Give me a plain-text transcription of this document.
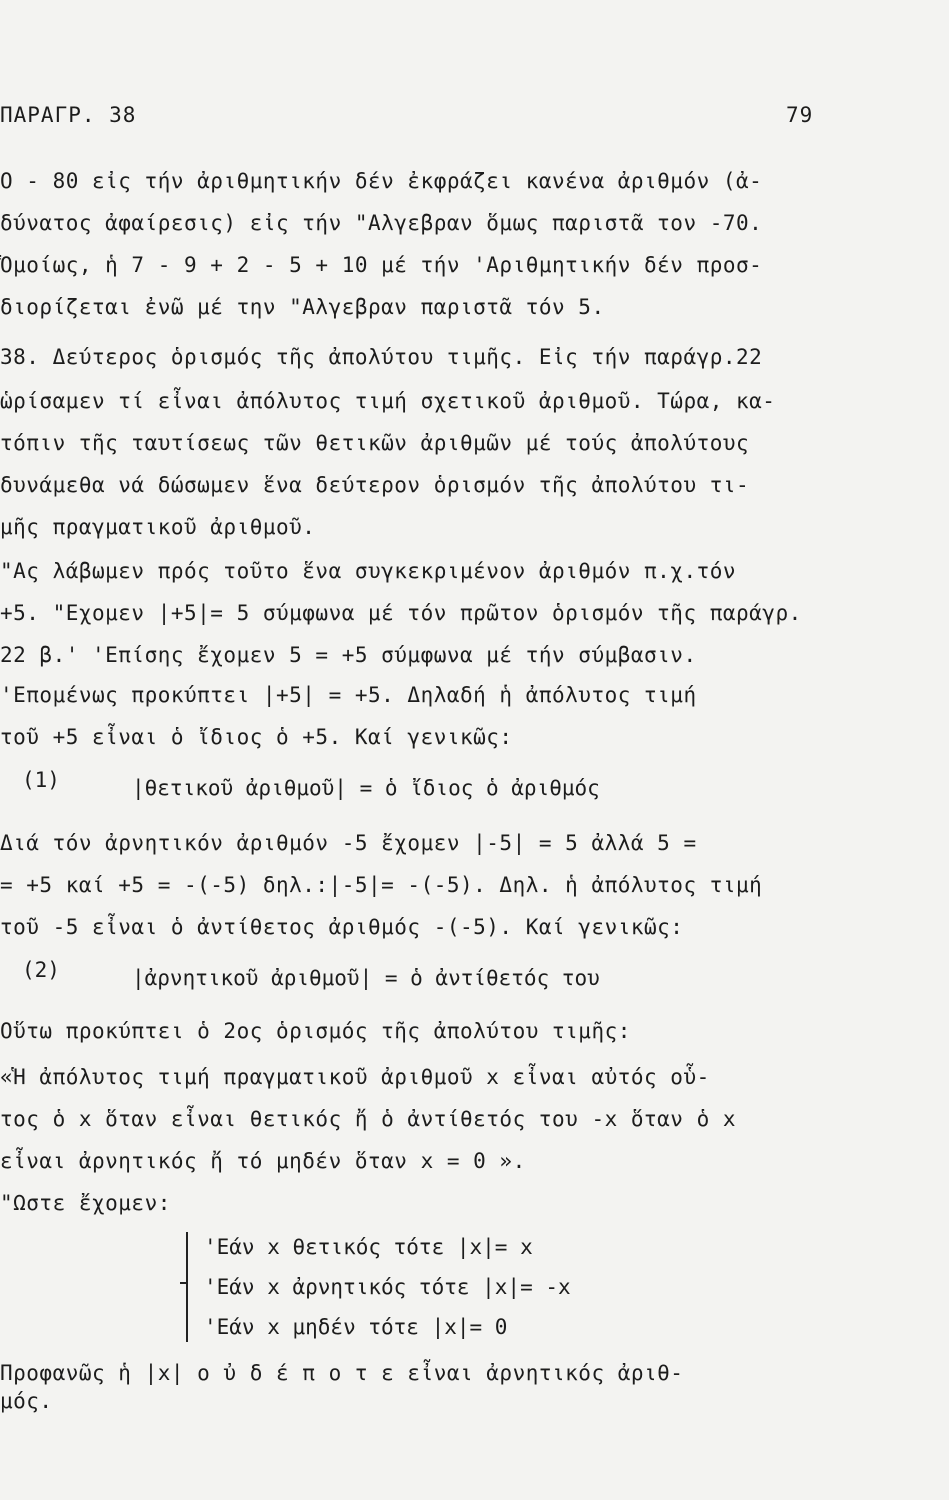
ΠΑΡΑΓΡ. 38	79
Ο - 80 εἰς τήν ἀριθμητικήν δέν ἐκφράζει κανένα ἀριθμόν (ἀ-
δύνατος ἀφαίρεσις) εἰς τήν "Αλγεβραν ὅμως παριστᾶ τον -70.
Ὁμοίως, ἡ 7 - 9 + 2 - 5 + 10 μέ τήν 'Αριθμητικήν δέν προσ-
διορίζεται ἐνῶ μέ την "Αλγεβραν παριστᾶ τόν 5.
38. Δεύτερος ὁρισμός τῆς ἀπολύτου τιμῆς. Εἰς τήν παράγρ.22
ὡρίσαμεν τί εἶναι ἀπόλυτος τιμή σχετικοῦ ἀριθμοῦ. Τώρα, κα-
τόπιν τῆς ταυτίσεως τῶν θετικῶν ἀριθμῶν μέ τούς ἀπολύτους
δυνάμεθα νά δώσωμεν ἕνα δεύτερον ὁρισμόν τῆς ἀπολύτου τι-
μῆς πραγματικοῦ ἀριθμοῦ.
"Ας λάβωμεν πρός τοῦτο ἕνα συγκεκριμένον ἀριθμόν π.χ.τόν
+5. "Εχομεν |+5|= 5 σύμφωνα μέ τόν πρῶτον ὁρισμόν τῆς παράγρ.
22 β.' 'Επίσης ἔχομεν 5 = +5 σύμφωνα μέ τήν σύμβασιν.
'Επομένως προκύπτει |+5| = +5. Δηλαδή ἡ ἀπόλυτος τιμή
τοῦ +5 εἶναι ὁ ἴδιος ὁ +5. Καί γενικῶς:
(1)	|θετικοῦ ἀριθμοῦ| = ὁ ἴδιος ὁ ἀριθμός
Διά τόν ἀρνητικόν ἀριθμόν -5 ἔχομεν |-5| = 5 ἀλλά 5 =
= +5 καί +5 = -(-5) δηλ.:|-5|= -(-5). Δηλ. ἡ ἀπόλυτος τιμή
τοῦ -5 εἶναι ὁ ἀντίθετος ἀριθμός -(-5). Καί γενικῶς:
(2)	|ἀρνητικοῦ ἀριθμοῦ| = ὁ ἀντίθετός του
Οὕτω προκύπτει ὁ 2ος ὁρισμός τῆς ἀπολύτου τιμῆς:
«Ἡ ἀπόλυτος τιμή πραγματικοῦ ἀριθμοῦ x εἶναι αὐτός οὗ-
τος ὁ x ὅταν εἶναι θετικός ἤ ὁ ἀντίθετός του -x ὅταν ὁ x
εἶναι ἀρνητικός ἤ τό μηδέν ὅταν x = 0 ».
"Ωστε ἔχομεν:
'Εάν x θετικός τότε |x|= x
'Εάν x ἀρνητικός τότε |x|= -x
'Εάν x μηδέν τότε |x|= 0
Προφανῶς ἡ |x| ο ὐ δ έ π ο τ ε εἶναι ἀρνητικός ἀριθ-
μός.
